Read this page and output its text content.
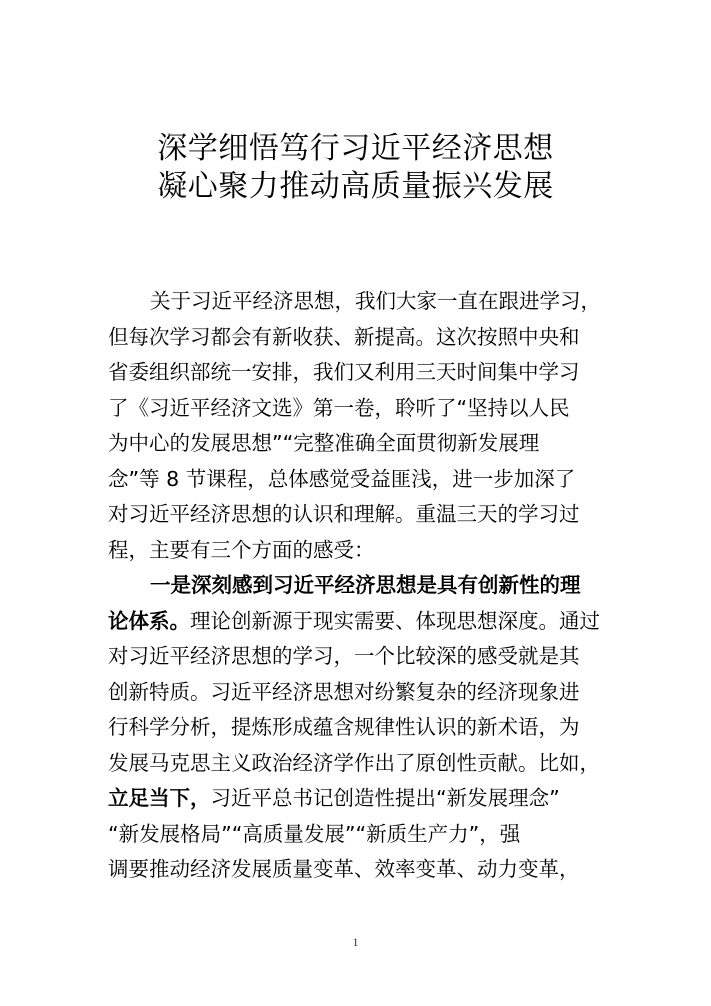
深学细悟笃行习近平经济思想
凝心聚力推动高质量振兴发展
关于习近平经济思想，我们大家一直在跟进学习，
但每次学习都会有新收获、新提高。这次按照中央和
省委组织部统一安排，我们又利用三天时间集中学习
了《习近平经济文选》第一卷，聆听了“坚持以人民
为中心的发展思想”“完整准确全面贯彻新发展理
念”等 8 节课程，总体感觉受益匪浅，进一步加深了
对习近平经济思想的认识和理解。重温三天的学习过
程，主要有三个方面的感受：
一是深刻感到习近平经济思想是具有创新性的理
论体系。理论创新源于现实需要、体现思想深度。通过
对习近平经济思想的学习，一个比较深的感受就是其
创新特质。习近平经济思想对纷繁复杂的经济现象进
行科学分析，提炼形成蕴含规律性认识的新术语，为
发展马克思主义政治经济学作出了原创性贡献。比如，
立足当下，习近平总书记创造性提出“新发展理念”
“新发展格局”“高质量发展”“新质生产力”，强
调要推动经济发展质量变革、效率变革、动力变革，
1
